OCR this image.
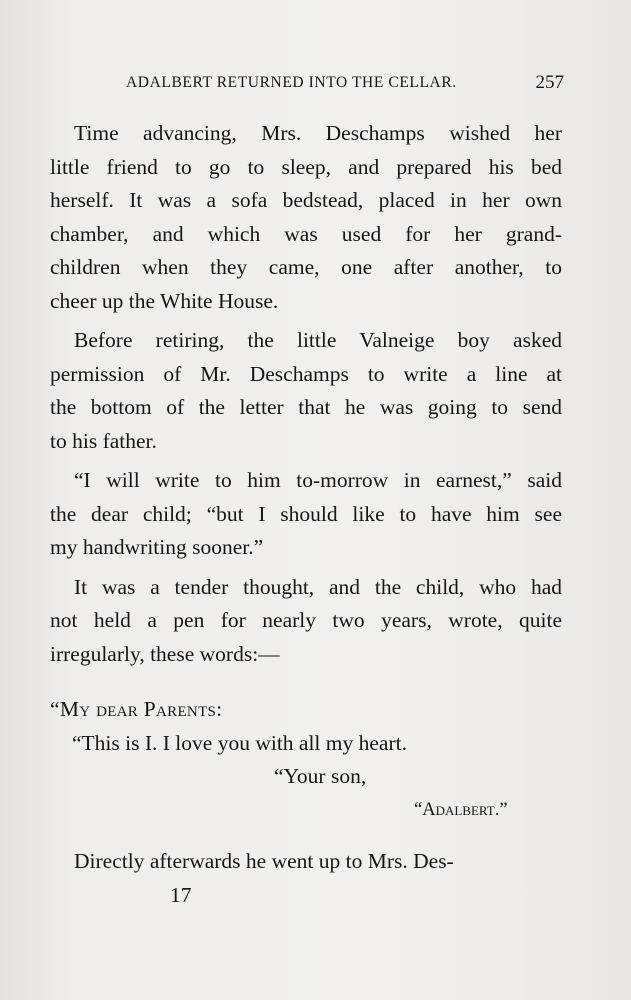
ADALBERT RETURNED INTO THE CELLAR.	257

Time advancing, Mrs. Deschamps wished her

little friend to go to sleep, and prepared his bed

herself. It was a sofa bedstead, placed in her own

chamber, and which was used for her grand-

children when they came, one after another, to

cheer up the White House.

Before retiring, the little Valneige boy asked

permission of Mr. Deschamps to write a line at

the bottom of the letter that he was going to send

to his father.

“I will write to him to-morrow in earnest,” said

the dear child; “but I should like to have him see

my handwriting sooner.”

It was a tender thought, and the child, who had

not held a pen for nearly two years, wrote, quite

irregularly, these words:—

“My dear Parents:

“This is I. I love you with all my heart.

“Your son,

“Adalbert.”

Directly afterwards he went up to Mrs. Des-

17
